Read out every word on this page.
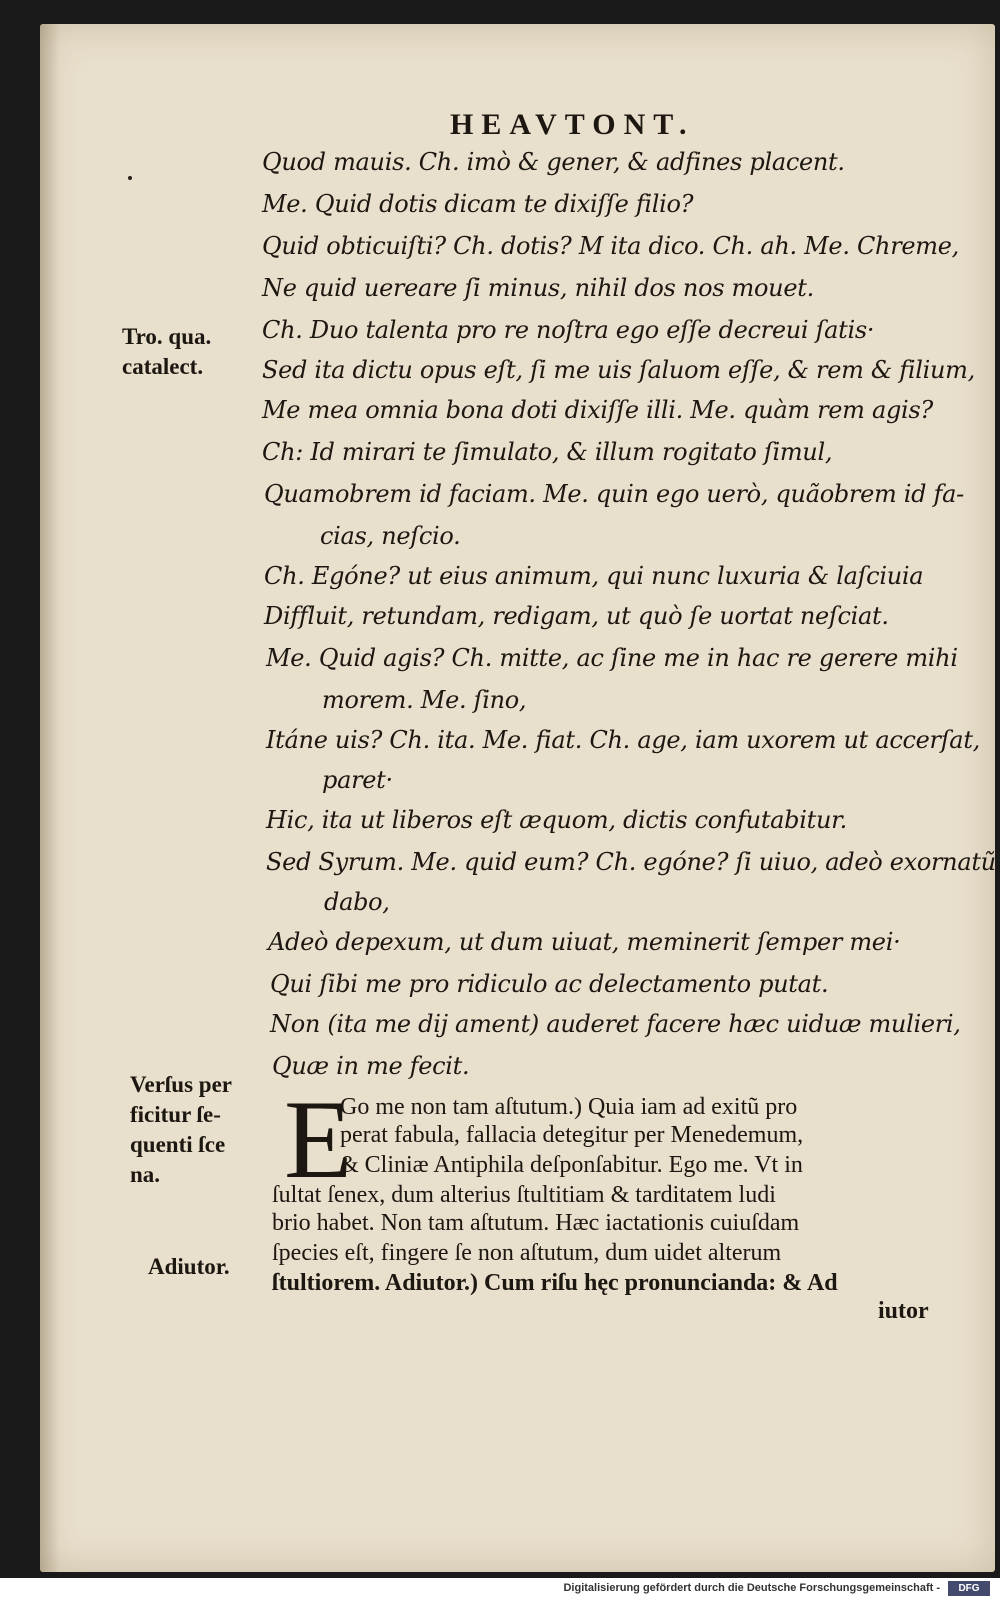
HEAVTONT.
Tro. qua.
catalect.
Verſus per
ficitur ſe-
quenti ſce
na.
Adiutor.
Quod mauis. Ch. imò & gener, & adfines placent.
Me. Quid dotis dicam te dixiſſe filio?
Quid obticuiſti? Ch. dotis? M ita dico. Ch. ah. Me. Chreme,
Ne quid uereare ſi minus, nihil dos nos mouet.
Ch. Duo talenta pro re noſtra ego eſſe decreui ſatis·
Sed ita dictu opus eſt, ſi me uis ſaluom eſſe, & rem & filium,
Me mea omnia bona doti dixiſſe illi. Me. quàm rem agis?
Ch: Id mirari te ſimulato, & illum rogitato ſimul,
Quamobrem id faciam. Me. quin ego uerò, quãobrem id fa-
cias, neſcio.
Ch. Egóne? ut eius animum, qui nunc luxuria & laſciuia
Diffluit, retundam, redigam, ut quò ſe uortat neſciat.
Me. Quid agis? Ch. mitte, ac ſine me in hac re gerere mihi
morem. Me. ſino,
Itáne uis? Ch. ita. Me. fiat. Ch. age, iam uxorem ut accerſat,
paret·
Hic, ita ut liberos eſt æquom, dictis confutabitur.
Sed Syrum. Me. quid eum? Ch. egóne? ſi uiuo, adeò exornatũ
dabo,
Adeò depexum, ut dum uiuat, meminerit ſemper mei·
Qui ſibi me pro ridiculo ac delectamento putat.
Non (ita me dij ament) auderet facere hæc uiduæ mulieri,
Quæ in me fecit.
E
Go me non tam aſtutum.) Quia iam ad exitũ pro
perat fabula, fallacia detegitur per Menedemum,
& Cliniæ Antiphila deſponſabitur. Ego me. Vt in
ſultat ſenex, dum alterius ſtultitiam & tarditatem ludi
brio habet. Non tam aſtutum. Hæc iactationis cuiuſdam
ſpecies eſt, fingere ſe non aſtutum, dum uidet alterum
ſtultiorem. Adiutor.) Cum riſu hęc pronuncianda: & Ad
iutor
Digitalisierung gefördert durch die Deutsche Forschungsgemeinschaft -	DFG
